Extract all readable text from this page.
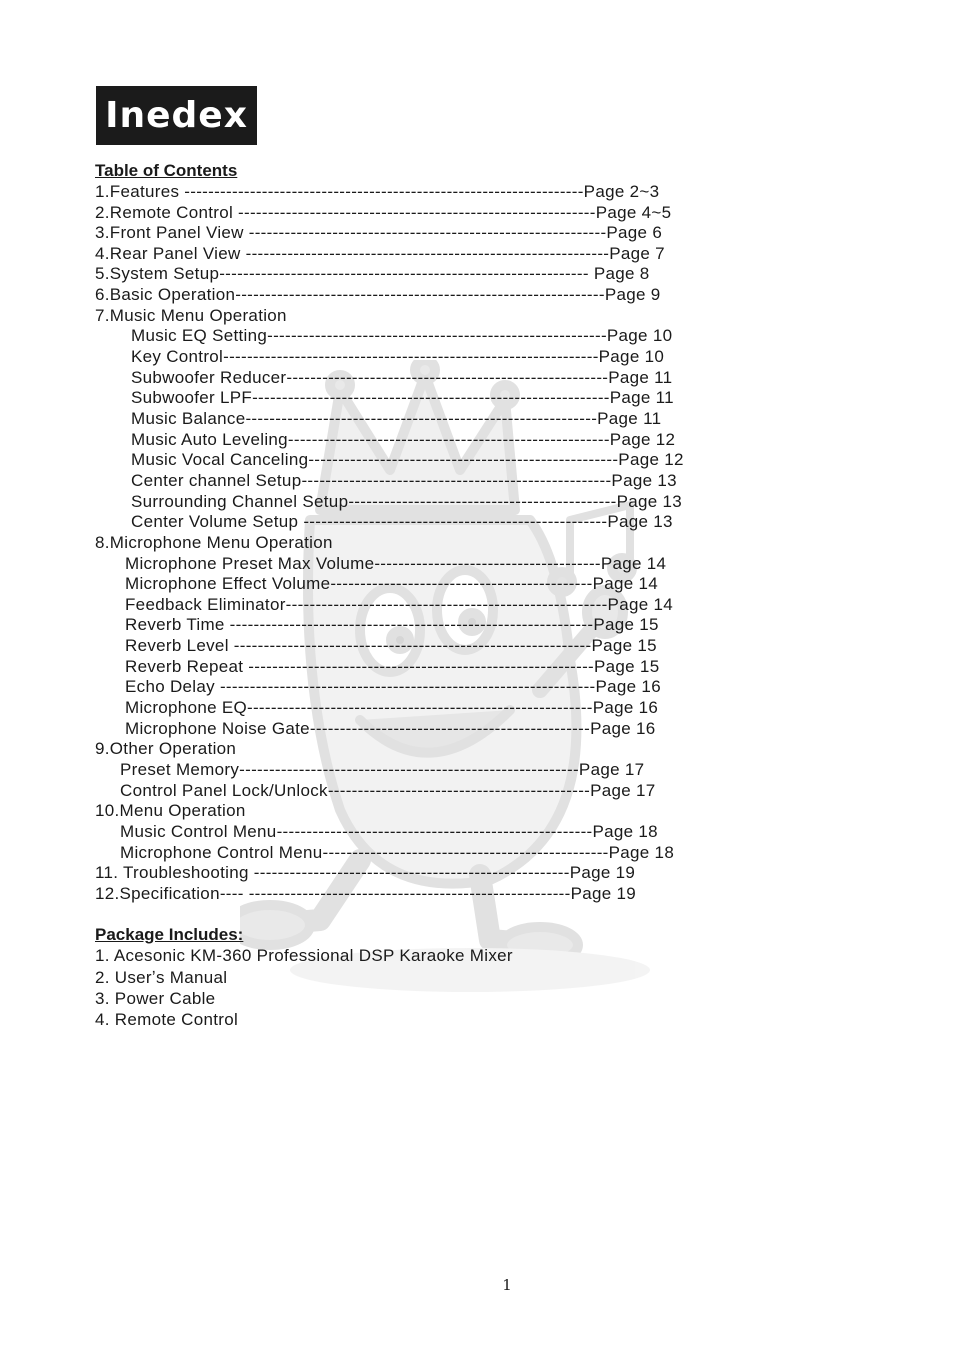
Inedex
Table of Contents
1.Features -------------------------------------------------------------------Page 2~3
2.Remote Control ------------------------------------------------------------Page 4~5
3.Front Panel View ------------------------------------------------------------Page 6
4.Rear Panel View -------------------------------------------------------------Page 7
5.System Setup-------------------------------------------------------------- Page 8
6.Basic Operation--------------------------------------------------------------Page 9
7.Music Menu Operation
Music EQ Setting---------------------------------------------------------Page 10
Key Control---------------------------------------------------------------Page 10
Subwoofer Reducer------------------------------------------------------Page 11
Subwoofer LPF------------------------------------------------------------Page 11
Music Balance-----------------------------------------------------------Page 11
Music Auto Leveling------------------------------------------------------Page 12
Music Vocal Canceling----------------------------------------------------Page 12
Center channel Setup----------------------------------------------------Page 13
Surrounding Channel Setup---------------------------------------------Page 13
Center Volume Setup ---------------------------------------------------Page 13
8.Microphone Menu Operation
Microphone Preset Max Volume--------------------------------------Page 14
Microphone Effect Volume--------------------------------------------Page 14
Feedback Eliminator------------------------------------------------------Page 14
Reverb Time -------------------------------------------------------------Page 15
Reverb Level ------------------------------------------------------------Page 15
Reverb Repeat ----------------------------------------------------------Page 15
Echo Delay ---------------------------------------------------------------Page 16
Microphone EQ----------------------------------------------------------Page 16
Microphone Noise Gate-----------------------------------------------Page 16
9.Other Operation
Preset Memory---------------------------------------------------------Page 17
Control Panel Lock/Unlock--------------------------------------------Page 17
10.Menu Operation
Music Control Menu-----------------------------------------------------Page 18
Microphone Control Menu------------------------------------------------Page 18
11. Troubleshooting -----------------------------------------------------Page 19
12.Specification---- ------------------------------------------------------Page 19
Package Includes:
1. Acesonic KM-360 Professional DSP Karaoke Mixer
2. Userʼs Manual
3. Power Cable
4. Remote Control
1
